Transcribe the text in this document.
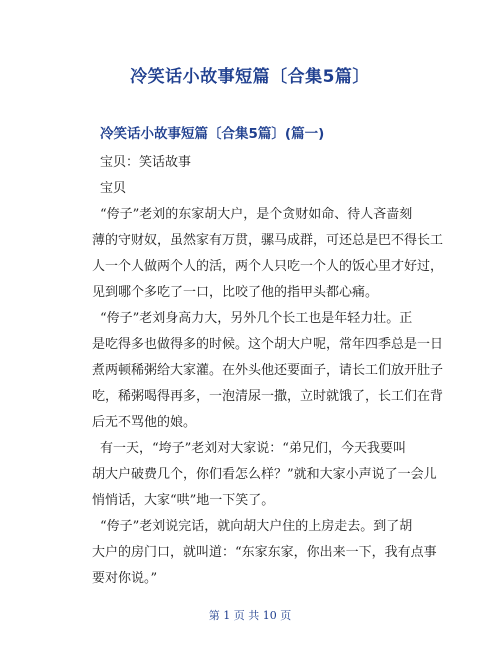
冷笑话小故事短篇〔合集5篇〕
冷笑话小故事短篇〔合集5篇〕(篇一)

宝贝：笑话故事

宝贝

“侉子”老刘的东家胡大户，是个贪财如命、待人吝啬刻

薄的守财奴，虽然家有万贯，骡马成群，可还总是巴不得长工

人一个人做两个人的活，两个人只吃一个人的饭心里才好过，

见到哪个多吃了一口，比咬了他的指甲头都心痛。

“侉子”老刘身高力大，另外几个长工也是年轻力壮。正

是吃得多也做得多的时候。这个胡大户呢，常年四季总是一日

煮两顿稀粥给大家灌。在外头他还要面子，请长工们放开肚子

吃，稀粥喝得再多，一泡清尿一撒，立时就饿了，长工们在背

后无不骂他的娘。

有一天，“垮子”老刘对大家说：“弟兄们，今天我要叫

胡大户破费几个，你们看怎么样？”就和大家小声说了一会儿

悄悄话，大家“哄”地一下笑了。

“侉子”老刘说完话，就向胡大户住的上房走去。到了胡

大户的房门口，就叫道：“东家东家，你出来一下，我有点事

要对你说。”

第 1 页 共 10 页
